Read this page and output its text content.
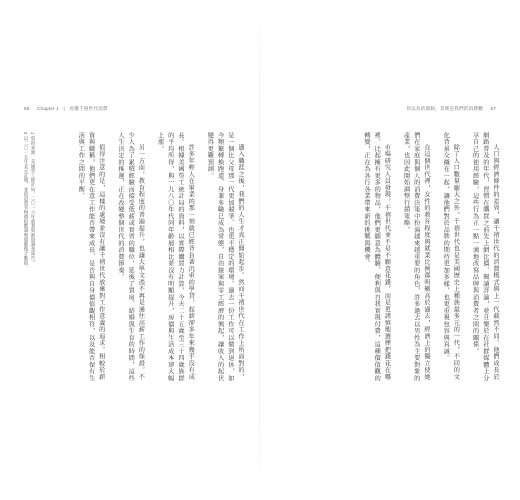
56 Chapter 1 | 看懂千禧世代消費

邁入職涯之後，我們的人生才真正開始起步。然而千禧世代在工作上所面對的，是一個比父母那一代更加競爭、也更不穩定的環境。過去一份工作可以做到退休，如今頻繁轉換跑道、身兼多職已成為常態，自由接案與零工經濟的興起，讓收入的起伏變得更難預測。

許多年輕人在畢業的那一刻就已經背負著沉重的學貸，起薪卻多年來幾乎沒有成長。根據美國勞工統計局的資料，以實際購買力計算，今天二十五歲至三十四歲族群的平均所得，與一九八〇年代同年齡層相比並沒有明顯提升，房價與生活成本卻大幅上漲。

另一方面，教育程度的普遍提升，也讓大學文憑不再是通往高薪工作的保證。不少人為了累積經驗而接受低薪或實習的職位，延後了買房、結婚與生育的時間，這些人生決定的推遲，正在改變整個世代的消費節奏。

值得注意的是，這樣的處境並沒有讓千禧世代放棄對工作意義的追求。相較於薪資與職稱，他們更在意工作能否帶來成長、是否與自身價值觀相符，以及能否保有生活與工作之間的平衡。

1 資料來源：美國勞工統計局，二〇一六年就業與薪資調查報告。

2 以二〇一五年美元計價，並依消費者物價指數調整通膨後之數值。

你以為的節制，其實是我們的消費觀 57

人口與經濟條件的差異，讓千禧世代的消費模式與上一代截然不同。他們成長於網路普及的年代，習慣在購買之前先上網比價、閱讀評論，並且樂於在社群媒體上分享自己的使用經驗，這些行為正一點一滴地改寫品牌與消費者之間的關係。

除了人口數量龐大之外，千禧世代也是美國歷史上種族最多元的一代，不同的文化背景交織在一起，讓他們對於品牌的期待更加多樣，也更重視包容與真誠。

在這個世代裡，女性的教育程度與就業比例都明顯高於過去，經濟上的獨立使她們在家庭與個人的消費決策中扮演越來越重要的角色，許多過去以男性為主要對象的產業，也因此開始調整行銷策略。

市場研究人員發現，千禧世代並不是不願意花錢，而是更謹慎地選擇把錢花在哪裡。比起擁有更多的物品，他們更願意為體驗、便利與自我實現付費，這種價值觀的轉變，正在為各行各業帶來新的挑戰與機會。
